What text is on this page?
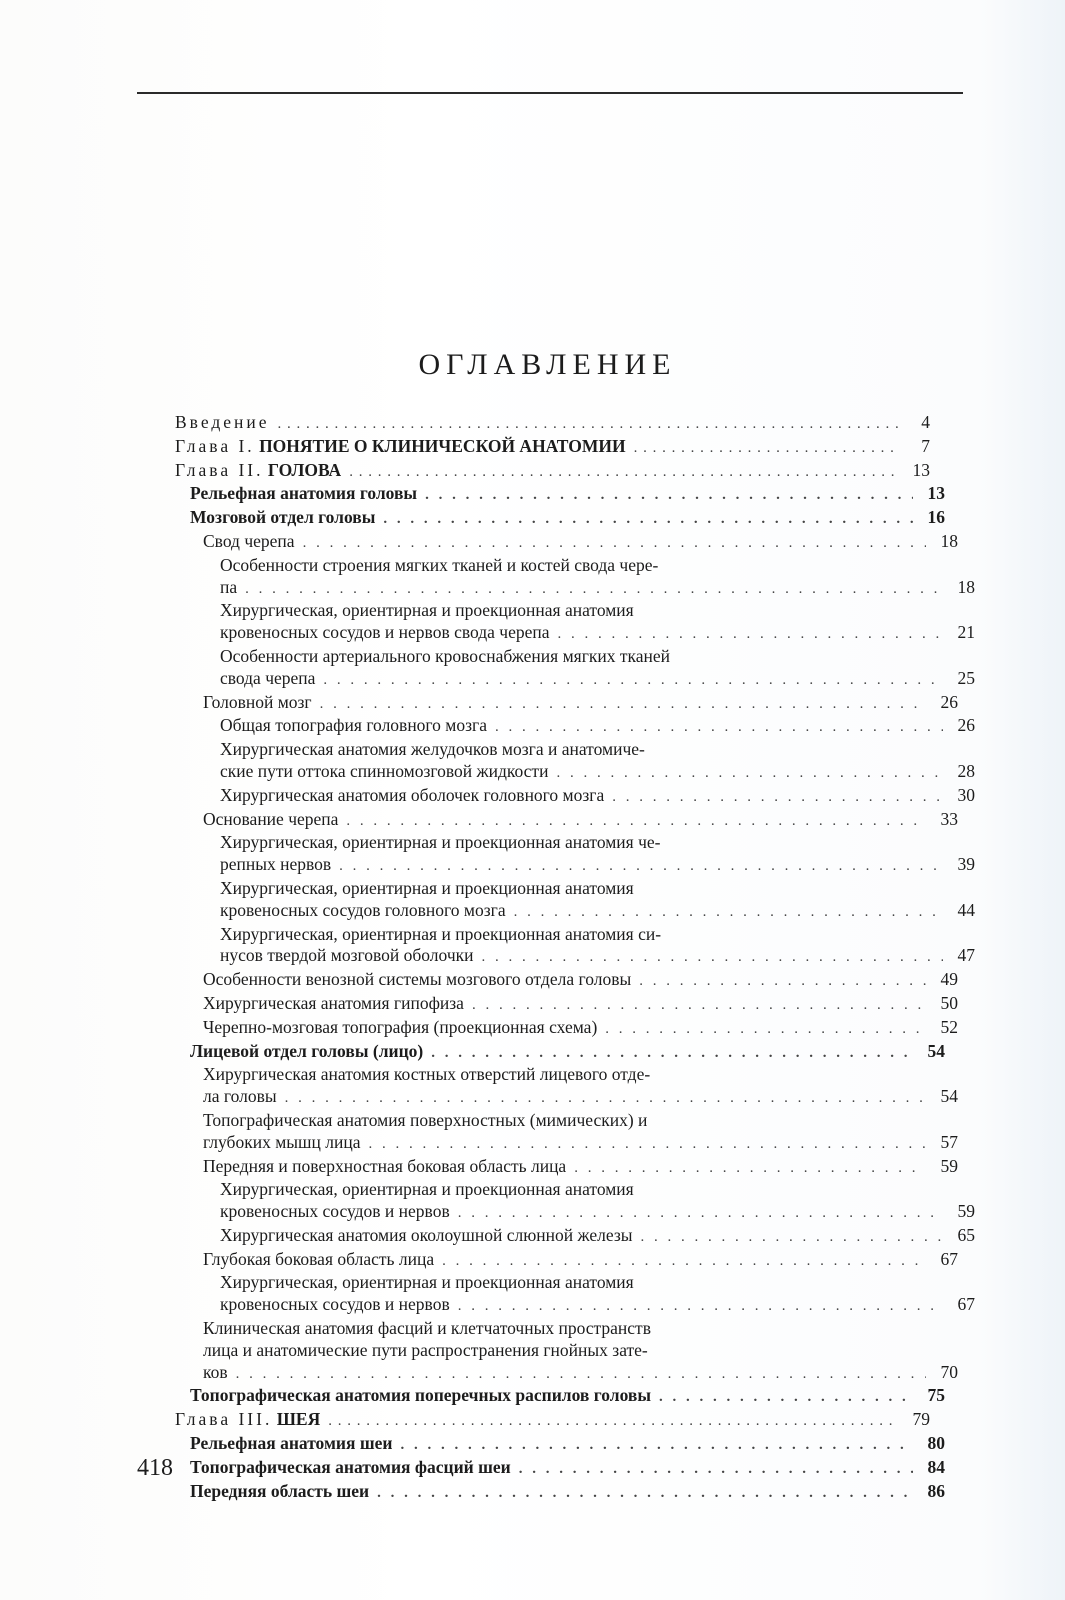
ОГЛАВЛЕНИЕ
Введение . . .	4
Глава I. ПОНЯТИЕ О КЛИНИЧЕСКОЙ АНАТОМИИ . . .	7
Глава II. ГОЛОВА . . .	13
Рельефная анатомия головы . . .	13
Мозговой отдел головы . . .	16
Свод черепа . . .	18
Особенности строения мягких тканей и костей свода чере-
па . . .	18
Хирургическая, ориентирная и проекционная анатомия
кровеносных сосудов и нервов свода черепа . . .	21
Особенности артериального кровоснабжения мягких тканей
свода черепа . . .	25
Головной мозг . . .	26
Общая топография головного мозга . . .	26
Хирургическая анатомия желудочков мозга и анатомиче-
ские пути оттока спинномозговой жидкости . . .	28
Хирургическая анатомия оболочек головного мозга . . .	30
Основание черепа . . .	33
Хирургическая, ориентирная и проекционная анатомия че-
репных нервов . . .	39
Хирургическая, ориентирная и проекционная анатомия
кровеносных сосудов головного мозга . . .	44
Хирургическая, ориентирная и проекционная анатомия си-
нусов твердой мозговой оболочки . . .	47
Особенности венозной системы мозгового отдела головы . . .	49
Хирургическая анатомия гипофиза . . .	50
Черепно-мозговая топография (проекционная схема) . . .	52
Лицевой отдел головы (лицо) . . .	54
Хирургическая анатомия костных отверстий лицевого отде-
ла головы . . .	54
Топографическая анатомия поверхностных (мимических) и
глубоких мышц лица . . .	57
Передняя и поверхностная боковая область лица . . .	59
Хирургическая, ориентирная и проекционная анатомия
кровеносных сосудов и нервов . . .	59
Хирургическая анатомия околоушной слюнной железы . . .	65
Глубокая боковая область лица . . .	67
Хирургическая, ориентирная и проекционная анатомия
кровеносных сосудов и нервов . . .	67
Клиническая анатомия фасций и клетчаточных пространств
лица и анатомические пути распространения гнойных зате-
ков . . .	70
Топографическая анатомия поперечных распилов головы . . .	75
Глава III. ШЕЯ . . .	79
Рельефная анатомия шеи . . .	80
Топографическая анатомия фасций шеи . . .	84
Передняя область шеи . . .	86
418
